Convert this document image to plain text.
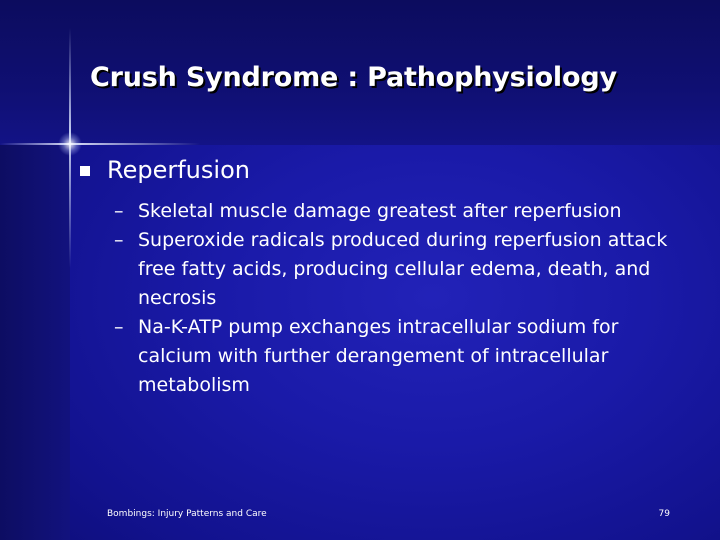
Crush Syndrome : Pathophysiology
Reperfusion
– Skeletal muscle damage greatest after reperfusion
– Superoxide radicals produced during reperfusion attack
free fatty acids, producing cellular edema, death, and
necrosis
– Na-K-ATP pump exchanges intracellular sodium for
calcium with further derangement of intracellular
metabolism
Bombings: Injury Patterns and Care	79
